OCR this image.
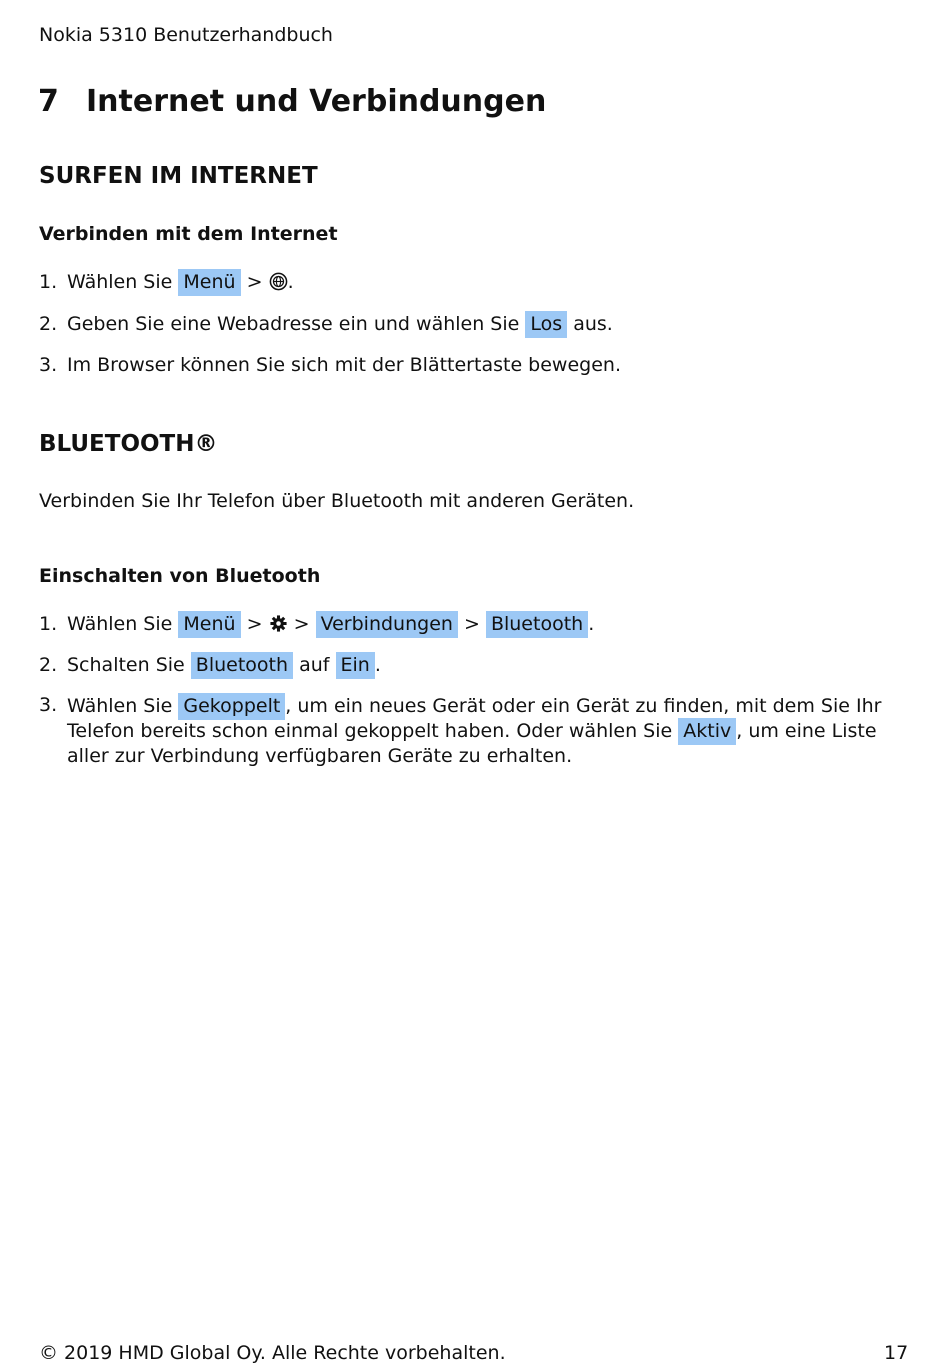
Nokia 5310 Benutzerhandbuch
7 Internet und Verbindungen
SURFEN IM INTERNET
Verbinden mit dem Internet
1. Wählen Sie Menü > .
2. Geben Sie eine Webadresse ein und wählen Sie Los aus.
3. Im Browser können Sie sich mit der Blättertaste bewegen.
BLUETOOTH®
Verbinden Sie Ihr Telefon über Bluetooth mit anderen Geräten.
Einschalten von Bluetooth
1. Wählen Sie Menü > > Verbindungen > Bluetooth .
2. Schalten Sie Bluetooth auf Ein .
3. Wählen Sie Gekoppelt , um ein neues Gerät oder ein Gerät zu finden, mit dem Sie Ihr Telefon bereits schon einmal gekoppelt haben. Oder wählen Sie Aktiv , um eine Liste aller zur Verbindung verfügbaren Geräte zu erhalten.
© 2019 HMD Global Oy. Alle Rechte vorbehalten.	17
